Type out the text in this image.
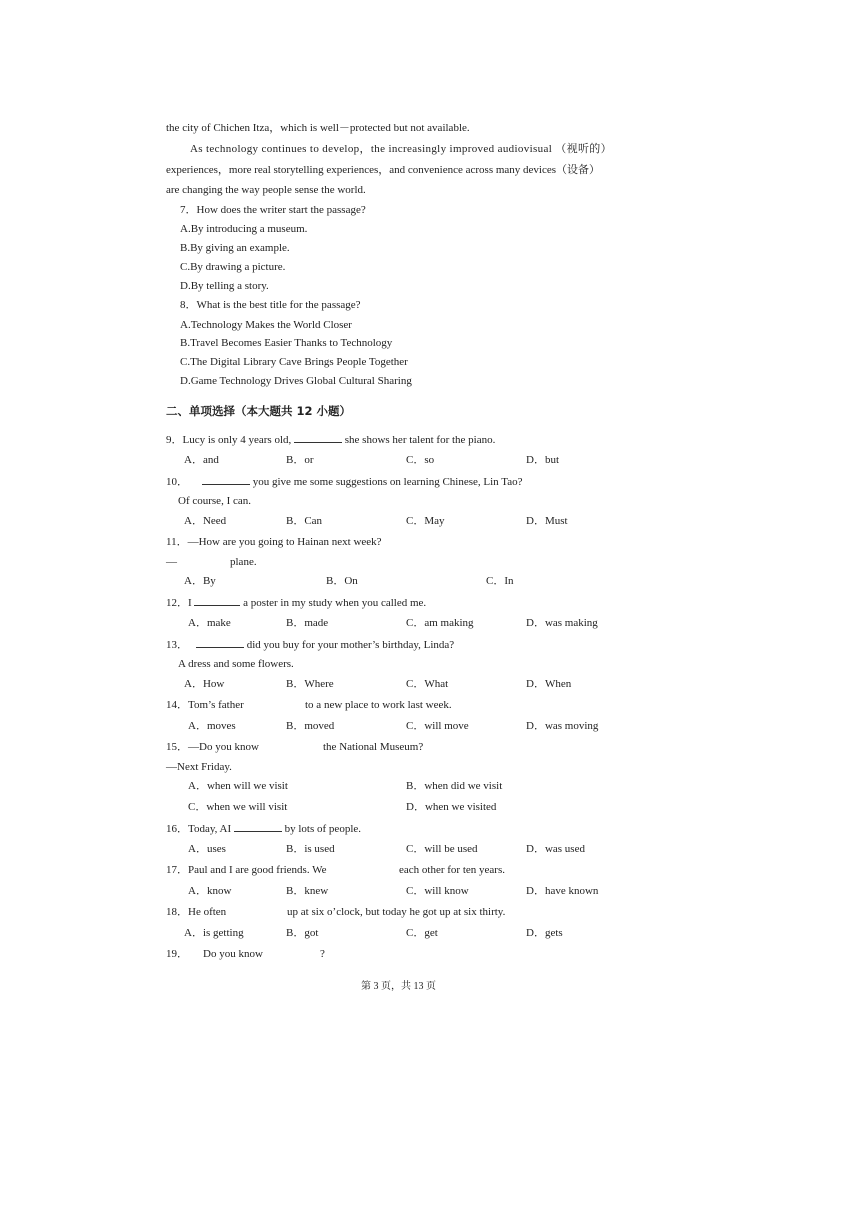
the city of Chichen Itza，which is well－protected but not available.
As technology continues to develop，the increasingly improved audiovisual （视听的）
experiences，more real storytelling experiences，and convenience across many devices（设备）
are changing the way people sense the world.
7．How does the writer start the passage?
A.By introducing a museum.
B.By giving an example.
C.By drawing a picture.
D.By telling a story.
8．What is the best title for the passage?
A.Technology Makes the World Closer
B.Travel Becomes Easier Thanks to Technology
C.The Digital Library Cave Brings People Together
D.Game Technology Drives Global Cultural Sharing
二、单项选择（本大题共 12 小题）
9．Lucy is only 4 years old,	she shows her talent for the piano.
A．and	B．or	C．so	D．but
10．	you give me some suggestions on learning Chinese, Lin Tao?
Of course, I can.
A．Need	B．Can	C．May	D．Must
11．—How are you going to Hainan next week?
—	plane.
A．By	B．On	C．In
12．I	a poster in my study when you called me.
A．make	B．made	C．am making	D．was making
13．	did you buy for your mother’s birthday, Linda?
A dress and some flowers.
A．How	B．Where	C．What	D．When
14．Tom’s father	to a new place to work last week.
A．moves	B．moved	C．will move	D．was moving
15．—Do you know	the National Museum?
—Next Friday.
A．when will we visit	B．when did we visit
C．when we will visit	D．when we visited
16．Today, AI	by lots of people.
A．uses	B．is used	C．will be used	D．was used
17．Paul and I are good friends. We	each other for ten years.
A．know	B．knew	C．will know	D．have known
18．He often	up at six o’clock, but today he got up at six thirty.
A．is getting	B．got	C．get	D．gets
19． Do you know	?
第 3 页，共 13 页
